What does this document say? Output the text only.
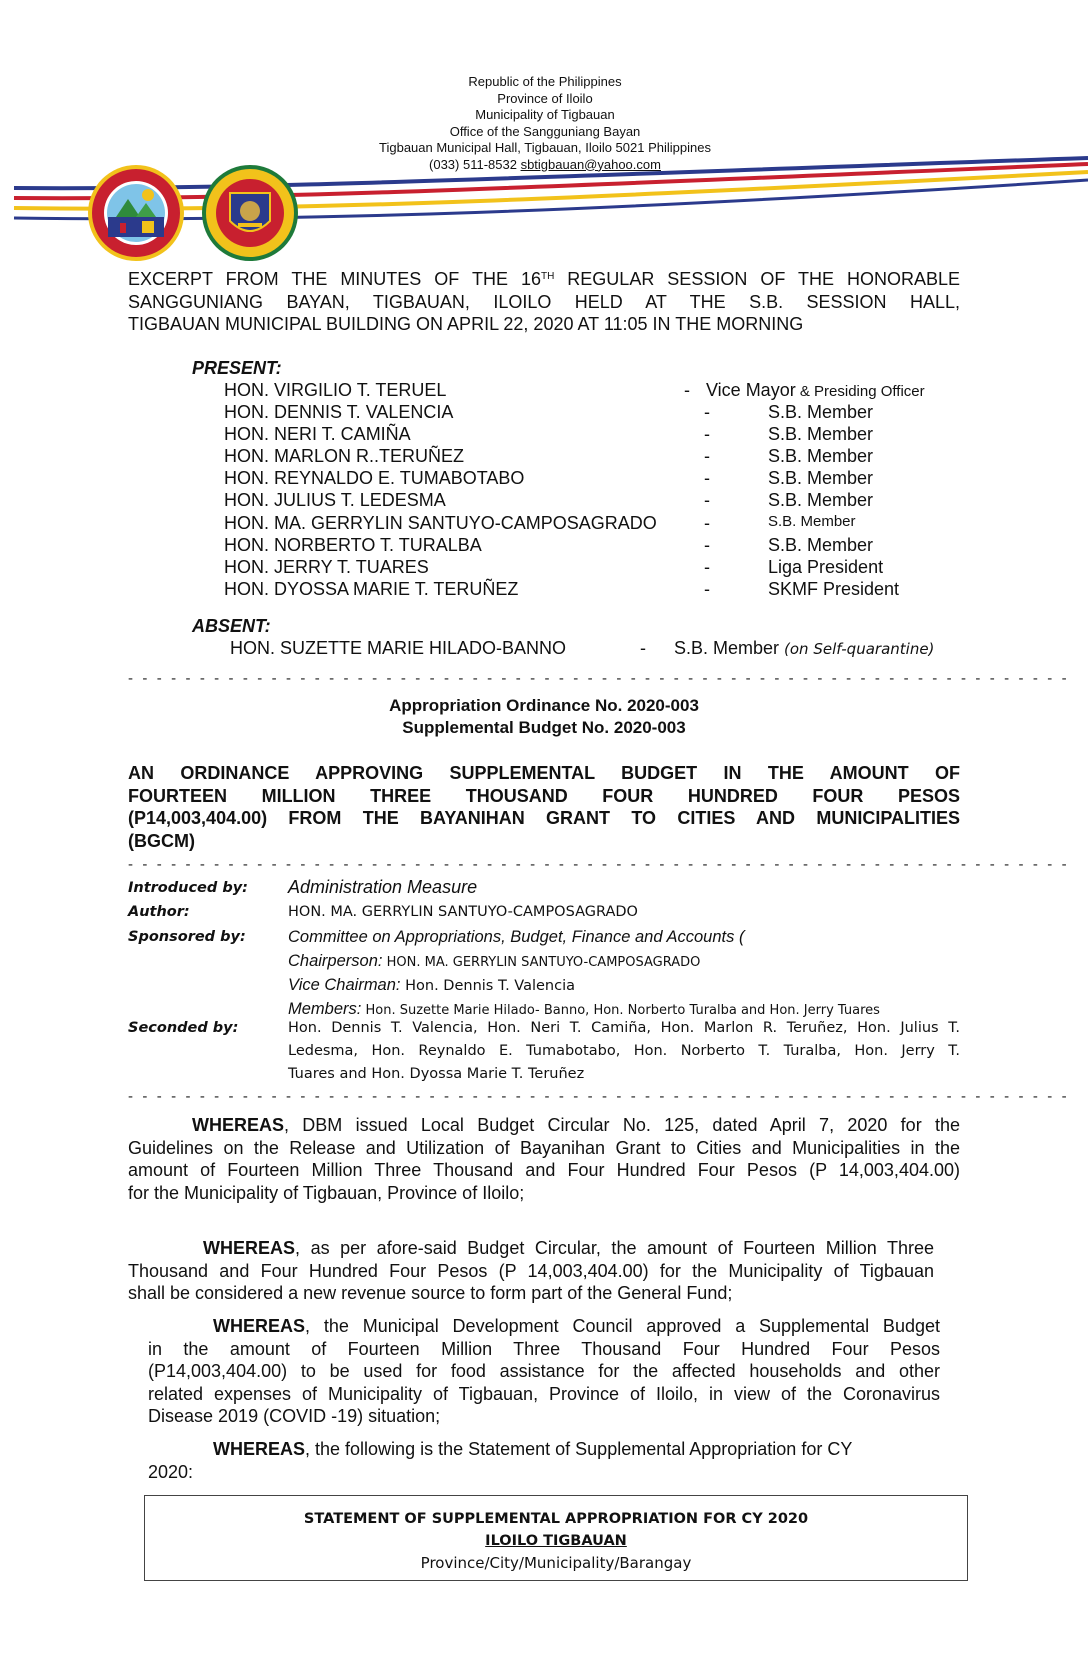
Republic of the Philippines
Province of Iloilo
Municipality of Tigbauan
Office of the Sangguniang Bayan
Tigbauan Municipal Hall, Tigbauan, Iloilo 5021 Philippines
(033) 511-8532 sbtigbauan@yahoo.com
EXCERPT FROM THE MINUTES OF THE 16TH REGULAR SESSION OF THE HONORABLE
SANGGUNIANG BAYAN, TIGBAUAN, ILOILO HELD AT THE S.B. SESSION HALL,
TIGBAUAN MUNICIPAL BUILDING ON APRIL 22, 2020 AT 11:05 IN THE MORNING
PRESENT:
HON. VIRGILIO T. TERUEL	- Vice Mayor & Presiding Officer
HON. DENNIS T. VALENCIA	-	S.B. Member
HON. NERI T. CAMIÑA	-	S.B. Member
HON. MARLON R..TERUÑEZ	-	S.B. Member
HON. REYNALDO E. TUMABOTABO	-	S.B. Member
HON. JULIUS T. LEDESMA	-	S.B. Member
HON. MA. GERRYLIN SANTUYO-CAMPOSAGRADO	-	S.B. Member
HON. NORBERTO T. TURALBA	-	S.B. Member
HON. JERRY T. TUARES	-	Liga President
HON. DYOSSA MARIE T. TERUÑEZ	-	SKMF President
ABSENT:
HON. SUZETTE MARIE HILADO-BANNO	- S.B. Member (on Self-quarantine)
- - - - - - - - - - - - - - - - - - - - - - - - - - - - - - - - - - - - - - - - - - - - - - - - - - - - - - - - - - - - - - - - - -
Appropriation Ordinance No. 2020-003
Supplemental Budget No. 2020-003
AN ORDINANCE APPROVING SUPPLEMENTAL BUDGET IN THE AMOUNT OF
FOURTEEN MILLION THREE THOUSAND FOUR HUNDRED FOUR PESOS
(P14,003,404.00) FROM THE BAYANIHAN GRANT TO CITIES AND MUNICIPALITIES
(BGCM)
- - - - - - - - - - - - - - - - - - - - - - - - - - - - - - - - - - - - - - - - - - - - - - - - - - - - - - - - - - - - - - - - - -
Introduced by: Administration Measure
Author:	HON. MA. GERRYLIN SANTUYO-CAMPOSAGRADO
Sponsored by:	Committee on Appropriations, Budget, Finance and Accounts (
Chairperson: HON. MA. GERRYLIN SANTUYO-CAMPOSAGRADO
Vice Chairman: Hon. Dennis T. Valencia
Members: Hon. Suzette Marie Hilado- Banno, Hon. Norberto Turalba and Hon. Jerry Tuares
Seconded by:	Hon. Dennis T. Valencia, Hon. Neri T. Camiña, Hon. Marlon R. Teruñez, Hon. Julius T.
Ledesma, Hon. Reynaldo E. Tumabotabo, Hon. Norberto T. Turalba, Hon. Jerry T.
Tuares and Hon. Dyossa Marie T. Teruñez
- - - - - - - - - - - - - - - - - - - - - - - - - - - - - - - - - - - - - - - - - - - - - - - - - - - - - - - - - - - - - - - - - -
WHEREAS, DBM issued Local Budget Circular No. 125, dated April 7, 2020 for the
Guidelines on the Release and Utilization of Bayanihan Grant to Cities and Municipalities in the
amount of Fourteen Million Three Thousand and Four Hundred Four Pesos (P 14,003,404.00)
for the Municipality of Tigbauan, Province of Iloilo;
WHEREAS, as per afore-said Budget Circular, the amount of Fourteen Million Three
Thousand and Four Hundred Four Pesos (P 14,003,404.00) for the Municipality of Tigbauan
shall be considered a new revenue source to form part of the General Fund;
WHEREAS, the Municipal Development Council approved a Supplemental Budget
in the amount of Fourteen Million Three Thousand Four Hundred Four Pesos
(P14,003,404.00) to be used for food assistance for the affected households and other
related expenses of Municipality of Tigbauan, Province of Iloilo, in view of the Coronavirus
Disease 2019 (COVID -19) situation;
WHEREAS, the following is the Statement of Supplemental Appropriation for CY
2020:
STATEMENT OF SUPPLEMENTAL APPROPRIATION FOR CY 2020
ILOILO TIGBAUAN
Province/City/Municipality/Barangay
